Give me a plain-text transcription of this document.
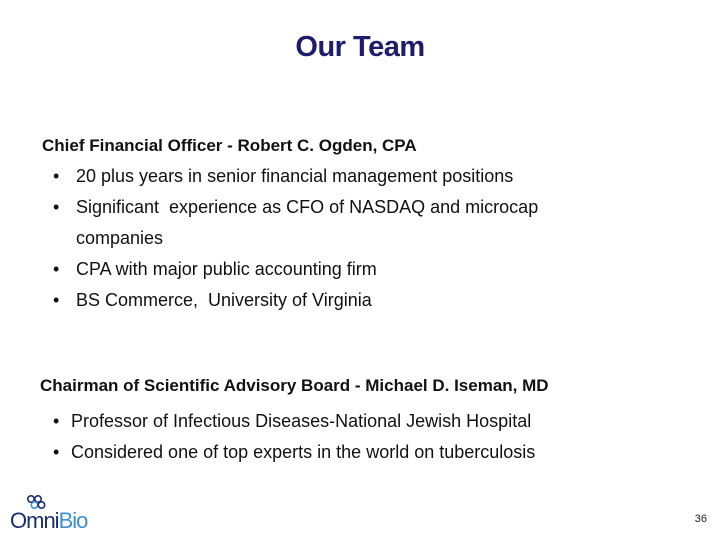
Our Team
Chief Financial Officer - Robert C. Ogden, CPA
• 20 plus years in senior financial management positions
• Significant  experience as CFO of NASDAQ and microcap companies
• CPA with major public accounting firm
• BS Commerce,  University of Virginia
Chairman of Scientific Advisory Board - Michael D. Iseman, MD
• Professor of Infectious Diseases-National Jewish Hospital
• Considered one of top experts in the world on tuberculosis
OmniBio	36
